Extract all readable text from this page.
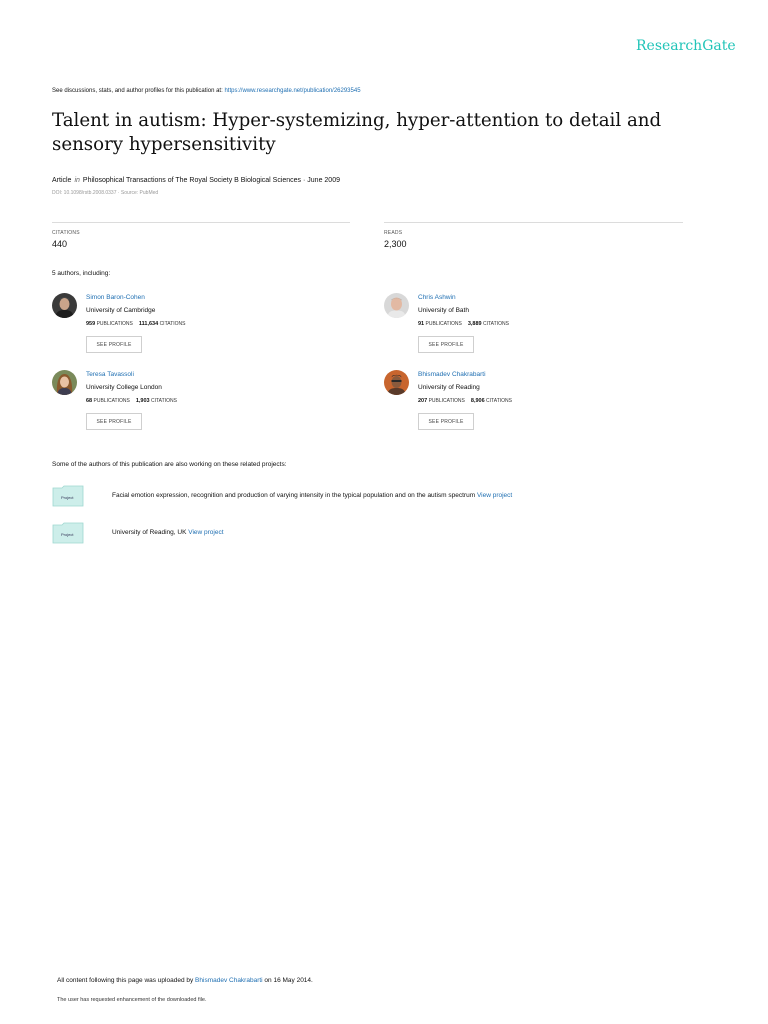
ResearchGate
See discussions, stats, and author profiles for this publication at: https://www.researchgate.net/publication/26293545
Talent in autism: Hyper-systemizing, hyper-attention to detail and sensory hypersensitivity
Article in Philosophical Transactions of The Royal Society B Biological Sciences · June 2009
DOI: 10.1098/rstb.2008.0337 · Source: PubMed
CITATIONS
440
READS
2,300
5 authors, including:
Simon Baron-Cohen
University of Cambridge
959 PUBLICATIONS 111,634 CITATIONS
SEE PROFILE
Chris Ashwin
University of Bath
91 PUBLICATIONS 3,889 CITATIONS
SEE PROFILE
Teresa Tavassoli
University College London
68 PUBLICATIONS 1,903 CITATIONS
SEE PROFILE
Bhismadev Chakrabarti
University of Reading
207 PUBLICATIONS 8,906 CITATIONS
SEE PROFILE
Some of the authors of this publication are also working on these related projects:
Project	Facial emotion expression, recognition and production of varying intensity in the typical population and on the autism spectrum View project
Project	University of Reading, UK View project
All content following this page was uploaded by Bhismadev Chakrabarti on 16 May 2014.
The user has requested enhancement of the downloaded file.
